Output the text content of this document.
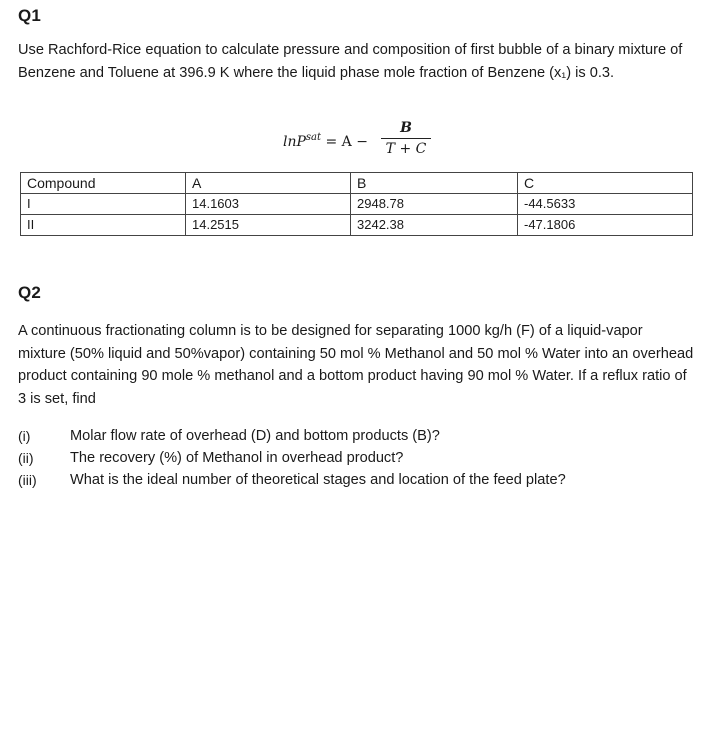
Q1
Use Rachford-Rice equation to calculate pressure and composition of first bubble of a binary mixture of Benzene and Toluene at 396.9 K where the liquid phase mole fraction of Benzene (x₁) is 0.3.
lnP$^{sat}$ = A −
B
T + C
Compound	A	B	C
I	14.1603	2948.78	-44.5633
II	14.2515	3242.38	-47.1806
Q2
A continuous fractionating column is to be designed for separating 1000 kg/h (F) of a liquid-vapor mixture (50% liquid and 50%vapor) containing 50 mol % Methanol and 50 mol % Water into an overhead product containing 90 mole % methanol and a bottom product having 90 mol % Water. If a reflux ratio of 3 is set, find
(i)	Molar flow rate of overhead (D) and bottom products (B)?
(ii) The recovery (%) of Methanol in overhead product?
(iii) What is the ideal number of theoretical stages and location of the feed plate?
